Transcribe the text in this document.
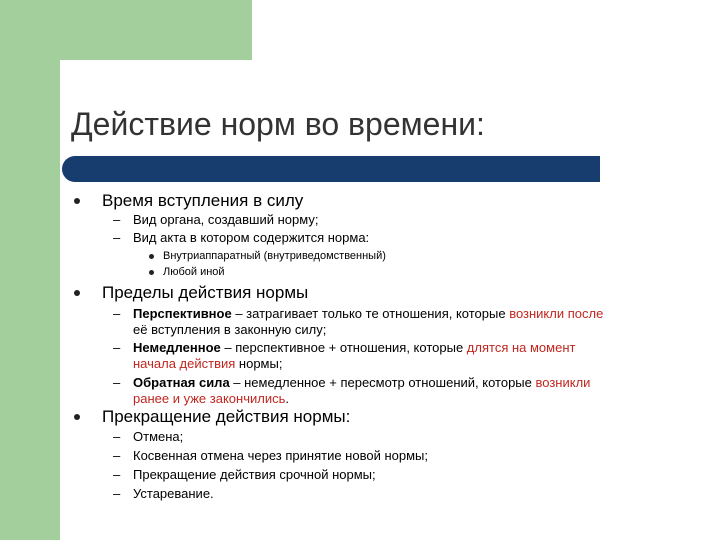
Действие норм во времени:
Время вступления в силу
– Вид органа, создавший норму;
– Вид акта в котором содержится норма:
Внутриаппаратный (внутриведомственный)
Любой иной
Пределы действия нормы
– Перспективное – затрагивает только те отношения, которые возникли после
её вступления в законную силу;
– Немедленное – перспективное + отношения, которые длятся на момент
начала действия нормы;
– Обратная сила – немедленное + пересмотр отношений, которые возникли
ранее и уже закончились.
Прекращение действия нормы:
– Отмена;
– Косвенная отмена через принятие новой нормы;
– Прекращение действия срочной нормы;
– Устаревание.
